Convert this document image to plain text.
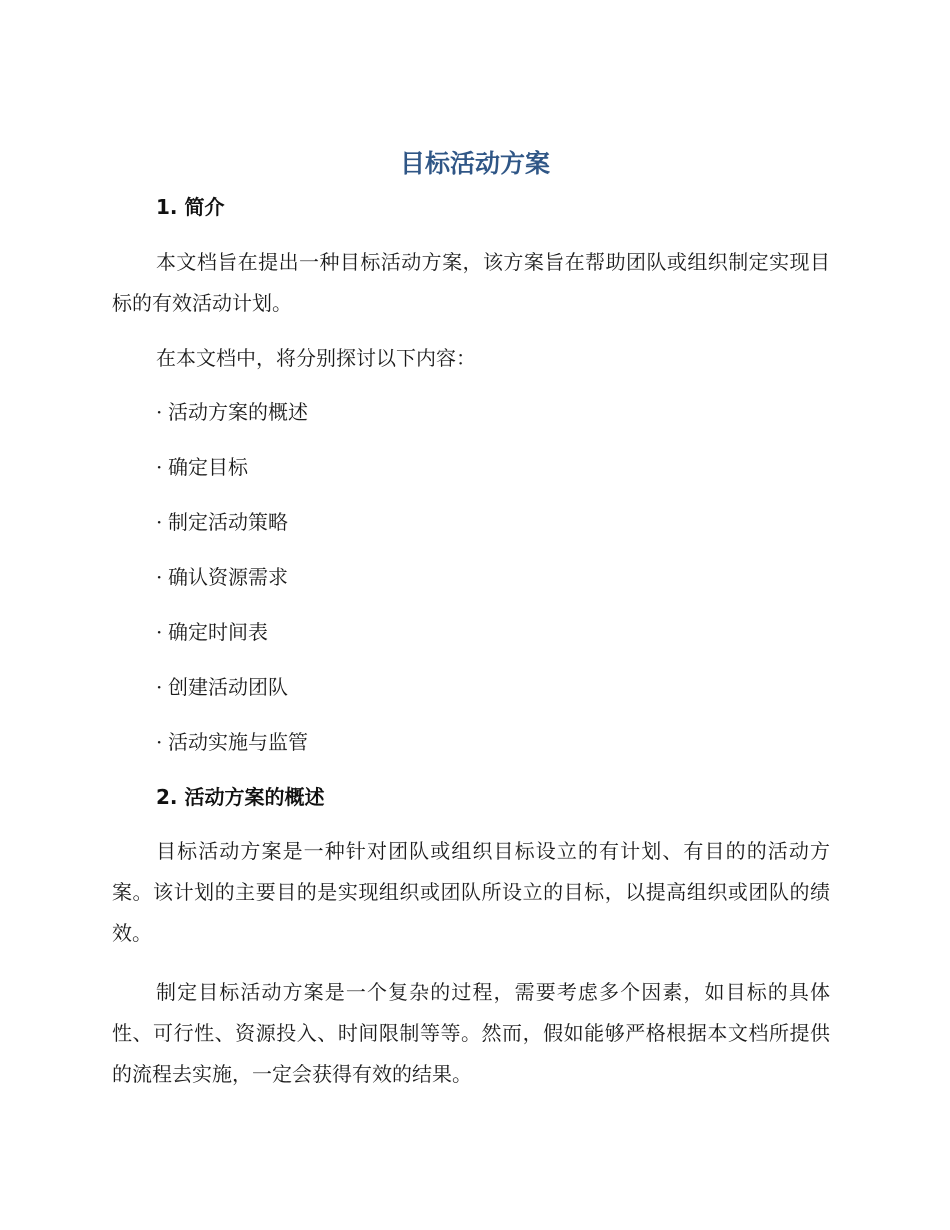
目标活动方案
1. 简介

本文档旨在提出一种目标活动方案，该方案旨在帮助团队或组织制定实现目标的有效活动计划。

在本文档中，将分别探讨以下内容：

· 活动方案的概述
· 确定目标
· 制定活动策略
· 确认资源需求
· 确定时间表
· 创建活动团队
· 活动实施与监管
2. 活动方案的概述

目标活动方案是一种针对团队或组织目标设立的有计划、有目的的活动方案。该计划的主要目的是实现组织或团队所设立的目标，以提高组织或团队的绩效。

制定目标活动方案是一个复杂的过程，需要考虑多个因素，如目标的具体性、可行性、资源投入、时间限制等等。然而，假如能够严格根据本文档所提供的流程去实施，一定会获得有效的结果。
